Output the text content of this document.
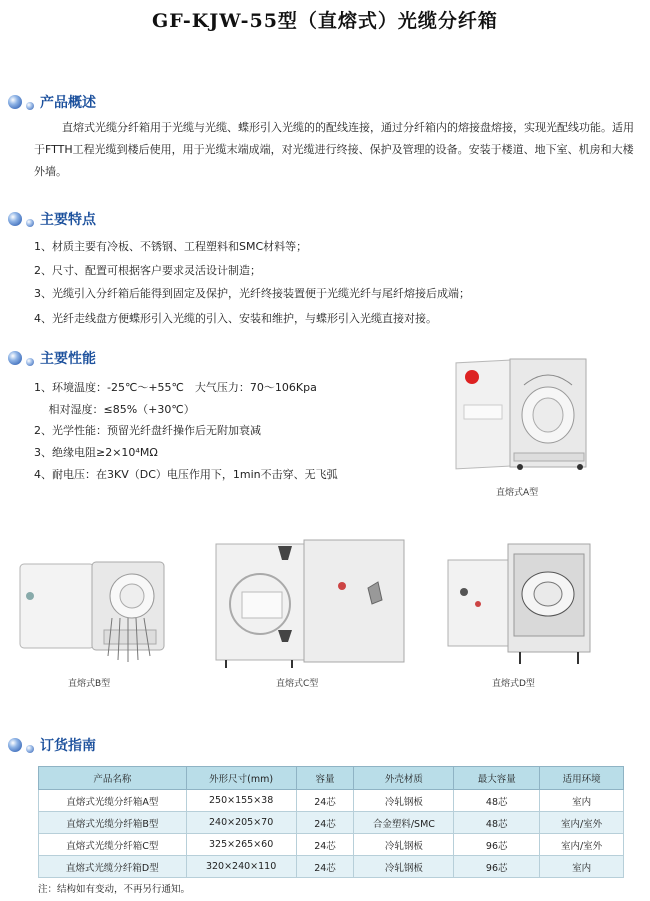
GF-KJW-55型（直熔式）光缆分纤箱
产品概述
直熔式光缆分纤箱用于光缆与光缆、蝶形引入光缆的的配线连接，通过分纤箱内的熔接盘熔接，实现光配线功能。适用于FTTH工程光缆到楼后使用，用于光缆末端成端，对光缆进行终接、保护及管理的设备。安装于楼道、地下室、机房和大楼外墙。
主要特点
1、材质主要有冷板、不锈钢、工程塑料和SMC材料等；
2、尺寸、配置可根据客户要求灵活设计制造；
3、光缆引入分纤箱后能得到固定及保护，光纤终接装置便于光缆光纤与尾纤熔接后成端；
4、光纤走线盘方便蝶形引入光缆的引入、安装和维护，与蝶形引入光缆直接对接。
主要性能
1、环境温度：-25℃～+55℃　大气压力：70～106Kpa
　 相对湿度：≤85%（+30℃）
2、光学性能：预留光纤盘纤操作后无附加衰减
3、绝缘电阻≥2×10⁴MΩ
4、耐电压：在3KV（DC）电压作用下，1min不击穿、无飞弧
直熔式A型
直熔式B型	直熔式C型	直熔式D型
订货指南
产品名称	外形尺寸(mm)	容量	外壳材质	最大容量	适用环境
直熔式光缆分纤箱A型	250×155×38	24芯	冷轧钢板	48芯	室内
直熔式光缆分纤箱B型	240×205×70	24芯	合金塑料/SMC	48芯	室内/室外
直熔式光缆分纤箱C型	325×265×60	24芯	冷轧钢板	96芯	室内/室外
直熔式光缆分纤箱D型	320×240×110	24芯	冷轧钢板	96芯	室内
注：结构如有变动，不再另行通知。
